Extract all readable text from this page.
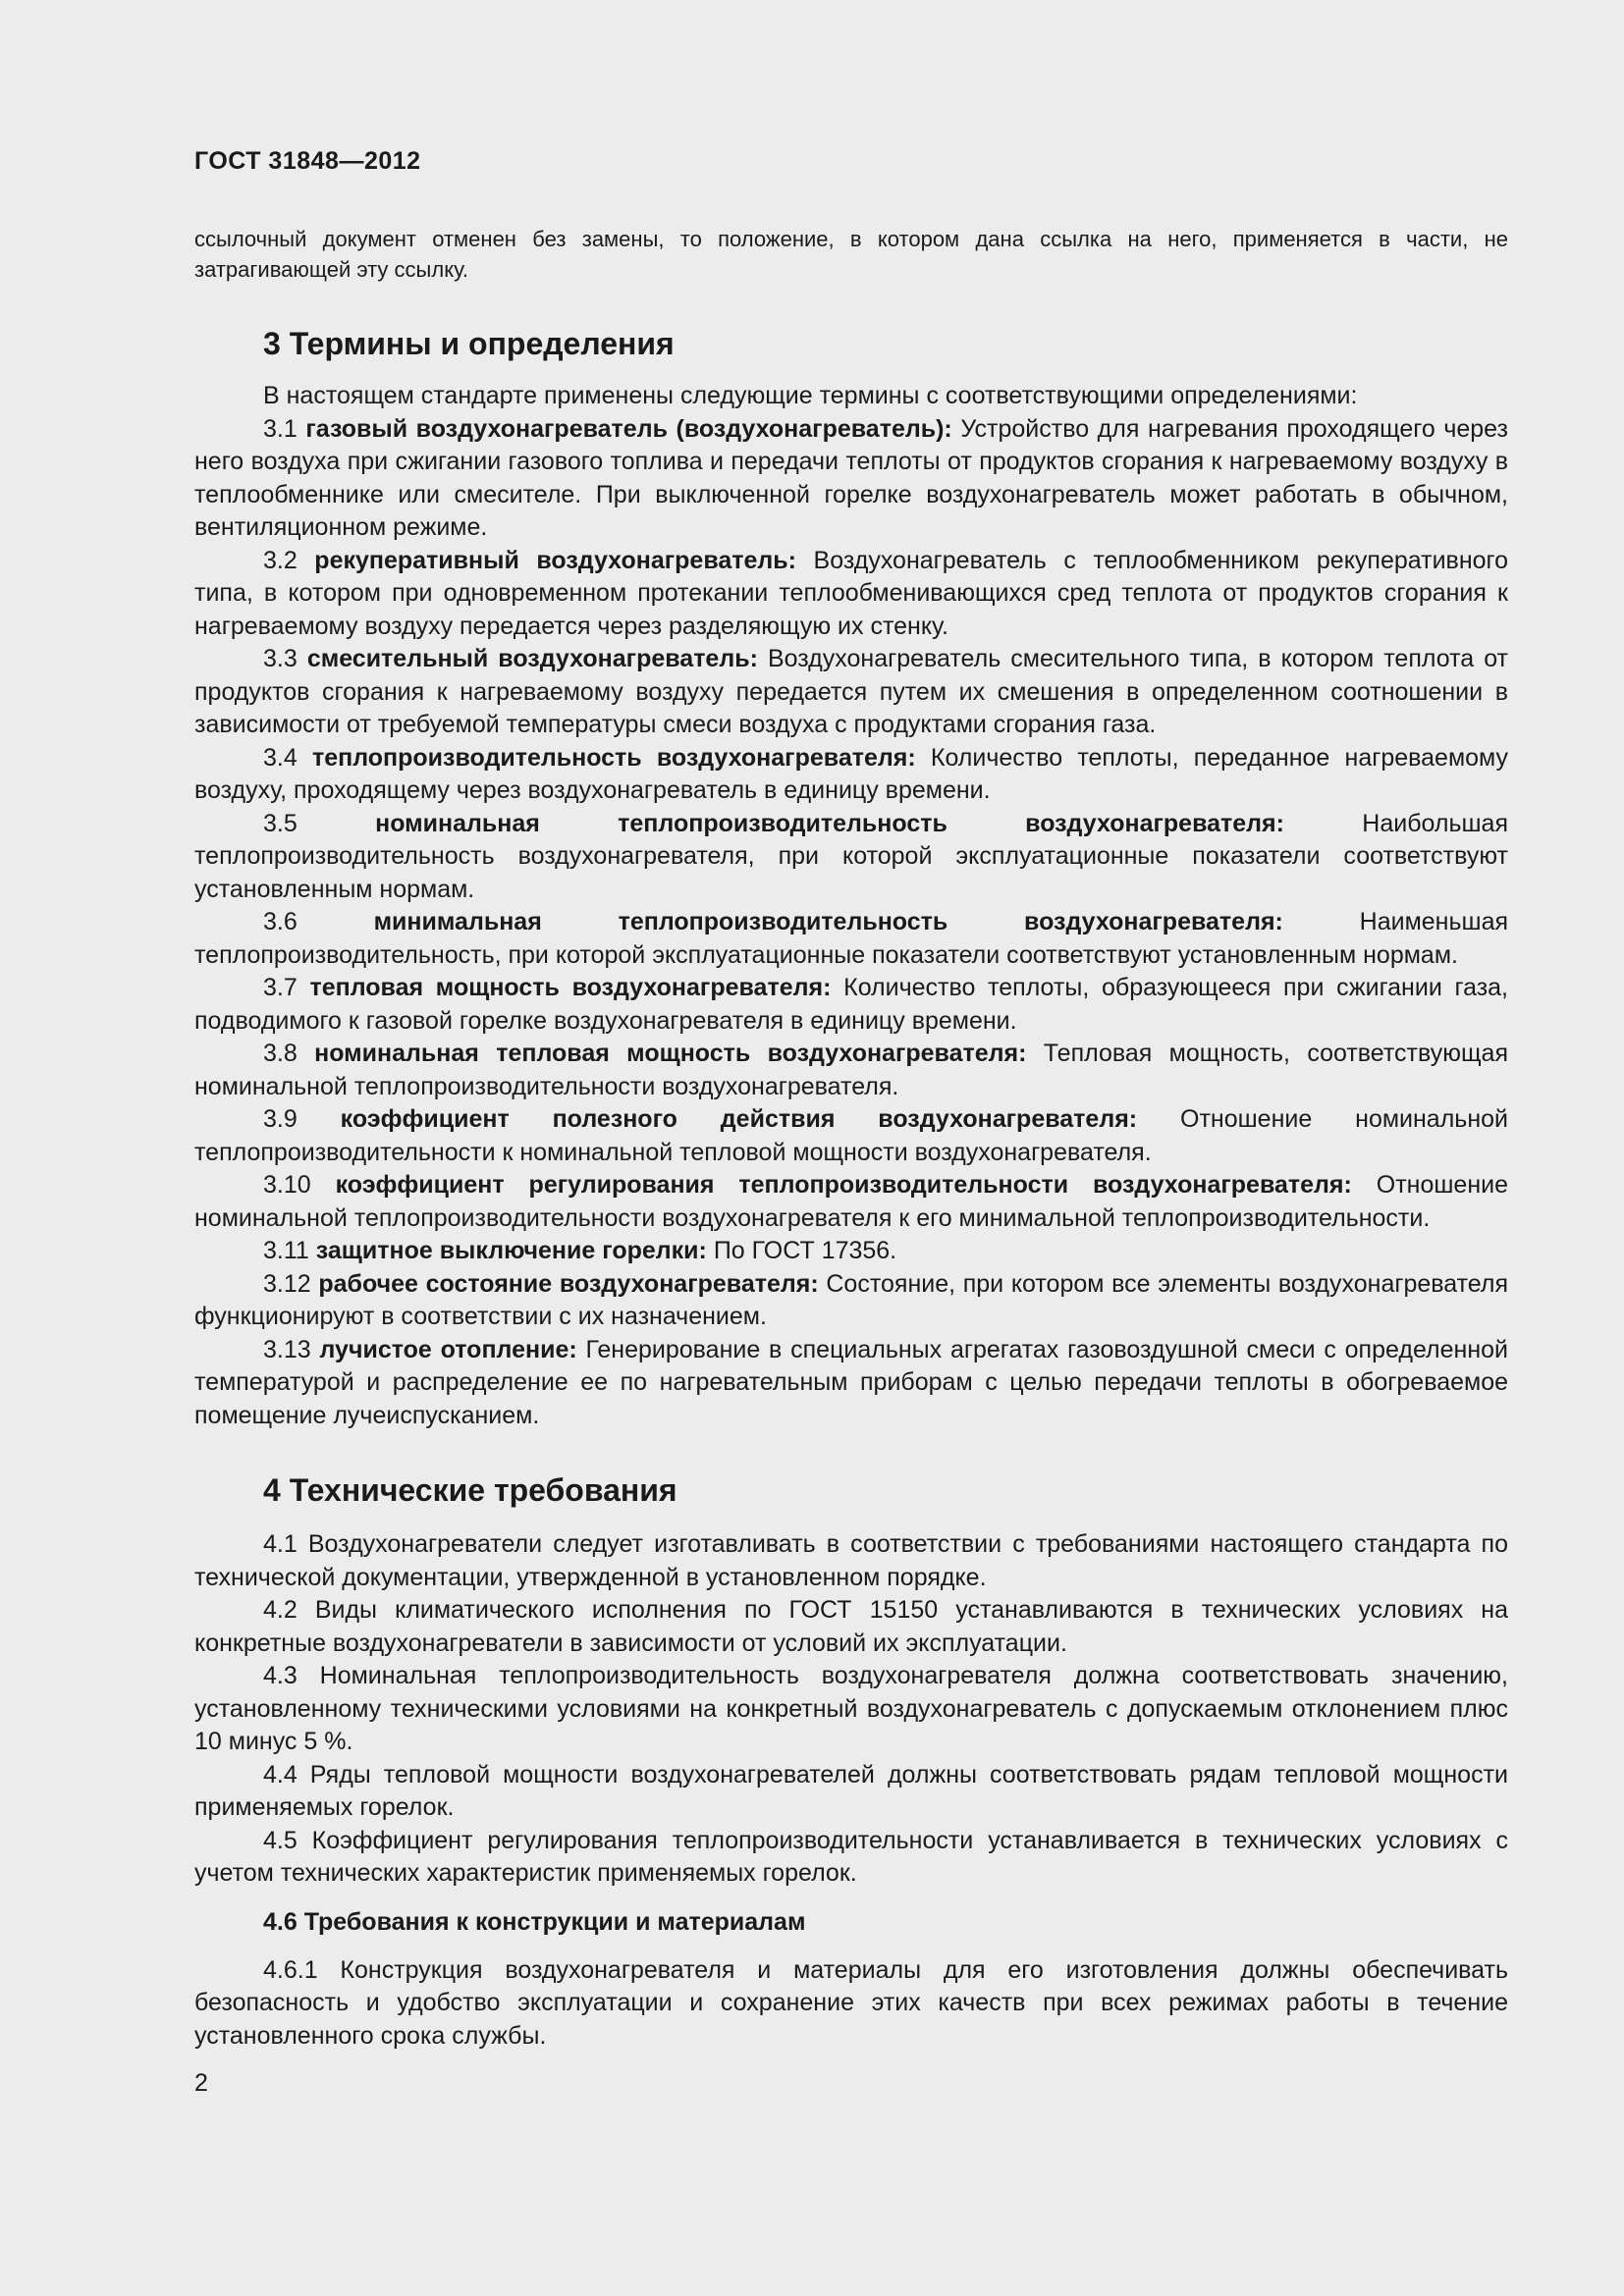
ГОСТ 31848—2012

ссылочный документ отменен без замены, то положение, в котором дана ссылка на него, применяется в части, не затрагивающей эту ссылку.

3 Термины и определения

В настоящем стандарте применены следующие термины с соответствующими определениями:

3.1 газовый воздухонагреватель (воздухонагреватель): Устройство для нагревания проходящего через него воздуха при сжигании газового топлива и передачи теплоты от продуктов сгорания к нагреваемому воздуху в теплообменнике или смесителе. При выключенной горелке воздухонагреватель может работать в обычном, вентиляционном режиме.

3.2 рекуперативный воздухонагреватель: Воздухонагреватель с теплообменником рекуперативного типа, в котором при одновременном протекании теплообменивающихся сред теплота от продуктов сгорания к нагреваемому воздуху передается через разделяющую их стенку.

3.3 смесительный воздухонагреватель: Воздухонагреватель смесительного типа, в котором теплота от продуктов сгорания к нагреваемому воздуху передается путем их смешения в определенном соотношении в зависимости от требуемой температуры смеси воздуха с продуктами сгорания газа.

3.4 теплопроизводительность воздухонагревателя: Количество теплоты, переданное нагреваемому воздуху, проходящему через воздухонагреватель в единицу времени.

3.5	номинальная теплопроизводительность воздухонагревателя:	Наибольшая теплопроизводительность воздухонагревателя, при которой эксплуатационные показатели соответствуют установленным нормам.

3.6	минимальная теплопроизводительность воздухонагревателя:	Наименьшая теплопроизводительность, при которой эксплуатационные показатели соответствуют установленным нормам.

3.7 тепловая мощность воздухонагревателя: Количество теплоты, образующееся при сжигании газа, подводимого к газовой горелке воздухонагревателя в единицу времени.

3.8 номинальная тепловая мощность воздухонагревателя: Тепловая мощность, соответствующая номинальной теплопроизводительности воздухонагревателя.

3.9 коэффициент полезного действия воздухонагревателя: Отношение номинальной теплопроизводительности к номинальной тепловой мощности воздухонагревателя.

3.10 коэффициент регулирования теплопроизводительности воздухонагревателя: Отношение номинальной теплопроизводительности воздухонагревателя к его минимальной теплопроизводительности.

3.11 защитное выключение горелки: По ГОСТ 17356.

3.12 рабочее состояние воздухонагревателя: Состояние, при котором все элементы воздухонагревателя функционируют в соответствии с их назначением.

3.13 лучистое отопление: Генерирование в специальных агрегатах газовоздушной смеси с определенной температурой и распределение ее по нагревательным приборам с целью передачи теплоты в обогреваемое помещение лучеиспусканием.

4 Технические требования

4.1 Воздухонагреватели следует изготавливать в соответствии с требованиями настоящего стандарта по технической документации, утвержденной в установленном порядке.

4.2 Виды климатического исполнения по ГОСТ 15150 устанавливаются в технических условиях на конкретные воздухонагреватели в зависимости от условий их эксплуатации.

4.3 Номинальная теплопроизводительность воздухонагревателя должна соответствовать значению, установленному техническими условиями на конкретный воздухонагреватель с допускаемым отклонением плюс 10 минус 5 %.

4.4 Ряды тепловой мощности воздухонагревателей должны соответствовать рядам тепловой мощности применяемых горелок.

4.5 Коэффициент регулирования теплопроизводительности устанавливается в технических условиях с учетом технических характеристик применяемых горелок.

4.6 Требования к конструкции и материалам

4.6.1 Конструкция воздухонагревателя и материалы для его изготовления должны обеспечивать безопасность и удобство эксплуатации и сохранение этих качеств при всех режимах работы в течение установленного срока службы.

2
